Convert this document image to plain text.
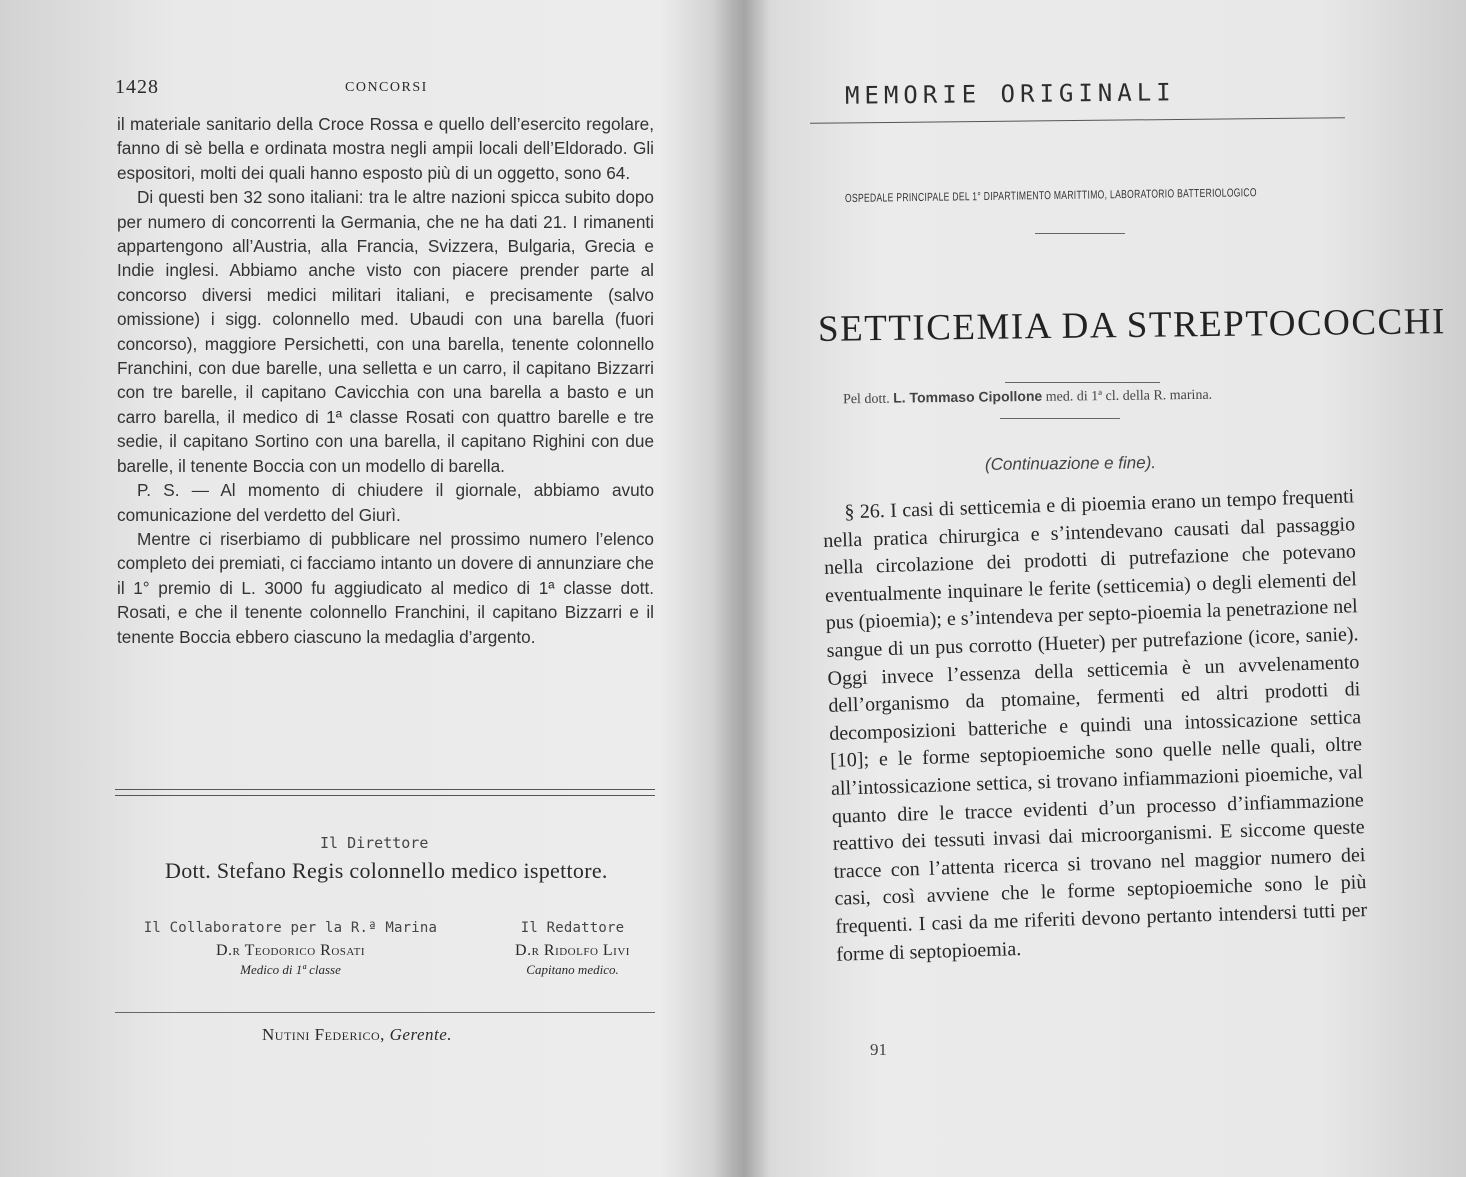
1428	CONCORSI

il materiale sanitario della Croce Rossa e quello dell’esercito regolare, fanno di sè bella e ordinata mostra negli ampii locali dell’Eldorado. Gli espositori, molti dei quali hanno esposto più di un oggetto, sono 64.

Di questi ben 32 sono italiani: tra le altre nazioni spicca subito dopo per numero di concorrenti la Germania, che ne ha dati 21. I rimanenti appartengono all’Austria, alla Francia, Svizzera, Bulgaria, Grecia e Indie inglesi. Abbiamo anche visto con piacere prender parte al concorso diversi medici militari italiani, e precisamente (salvo omissione) i sigg. colonnello med. Ubaudi con una barella (fuori concorso), maggiore Persichetti, con una barella, tenente colonnello Franchini, con due barelle, una selletta e un carro, il capitano Bizzarri con tre barelle, il capitano Cavicchia con una barella a basto e un carro barella, il medico di 1ª classe Rosati con quattro barelle e tre sedie, il capitano Sortino con una barella, il capitano Righini con due barelle, il tenente Boccia con un modello di barella.

P. S. — Al momento di chiudere il giornale, abbiamo avuto comunicazione del verdetto del Giurì.

Mentre ci riserbiamo di pubblicare nel prossimo numero l’elenco completo dei premiati, ci facciamo intanto un dovere di annunziare che il 1° premio di L. 3000 fu aggiudicato al medico di 1ª classe dott. Rosati, e che il tenente colonnello Franchini, il capitano Bizzarri e il tenente Boccia ebbero ciascuno la medaglia d’argento.

Il Direttore
Dott. Stefano Regis colonnello medico ispettore.
Il Collaboratore per la R.ª Marina
D.r Teodorico Rosati
Medico di 1ª classe
Il Redattore
D.r Ridolfo Livi
Capitano medico.
Nutini Federico, Gerente.
MEMORIE ORIGINALI
OSPEDALE PRINCIPALE DEL 1° DIPARTIMENTO MARITTIMO, LABORATORIO BATTERIOLOGICO
SETTICEMIA DA STREPTOCOCCHI
Pel dott. L. Tommaso Cipollone med. di 1ª cl. della R. marina.
(Continuazione e fine).

§ 26. I casi di setticemia e di pioemia erano un tempo frequenti nella pratica chirurgica e s’intendevano causati dal passaggio nella circolazione dei prodotti di putrefazione che potevano eventualmente inquinare le ferite (setticemia) o degli elementi del pus (pioemia); e s’intendeva per septo-pioemia la penetrazione nel sangue di un pus corrotto (Hueter) per putrefazione (icore, sanie). Oggi invece l’essenza della setticemia è un avvelenamento dell’organismo da ptomaine, fermenti ed altri prodotti di decomposizioni batteriche e quindi una intossicazione settica [10]; e le forme septopioemiche sono quelle nelle quali, oltre all’intossicazione settica, si trovano infiammazioni pioemiche, val quanto dire le tracce evidenti d’un processo d’infiammazione reattivo dei tessuti invasi dai microorganismi. E siccome queste tracce con l’attenta ricerca si trovano nel maggior numero dei casi, così avviene che le forme septopioemiche sono le più frequenti. I casi da me riferiti devono pertanto intendersi tutti per forme di septopioemia.

91
